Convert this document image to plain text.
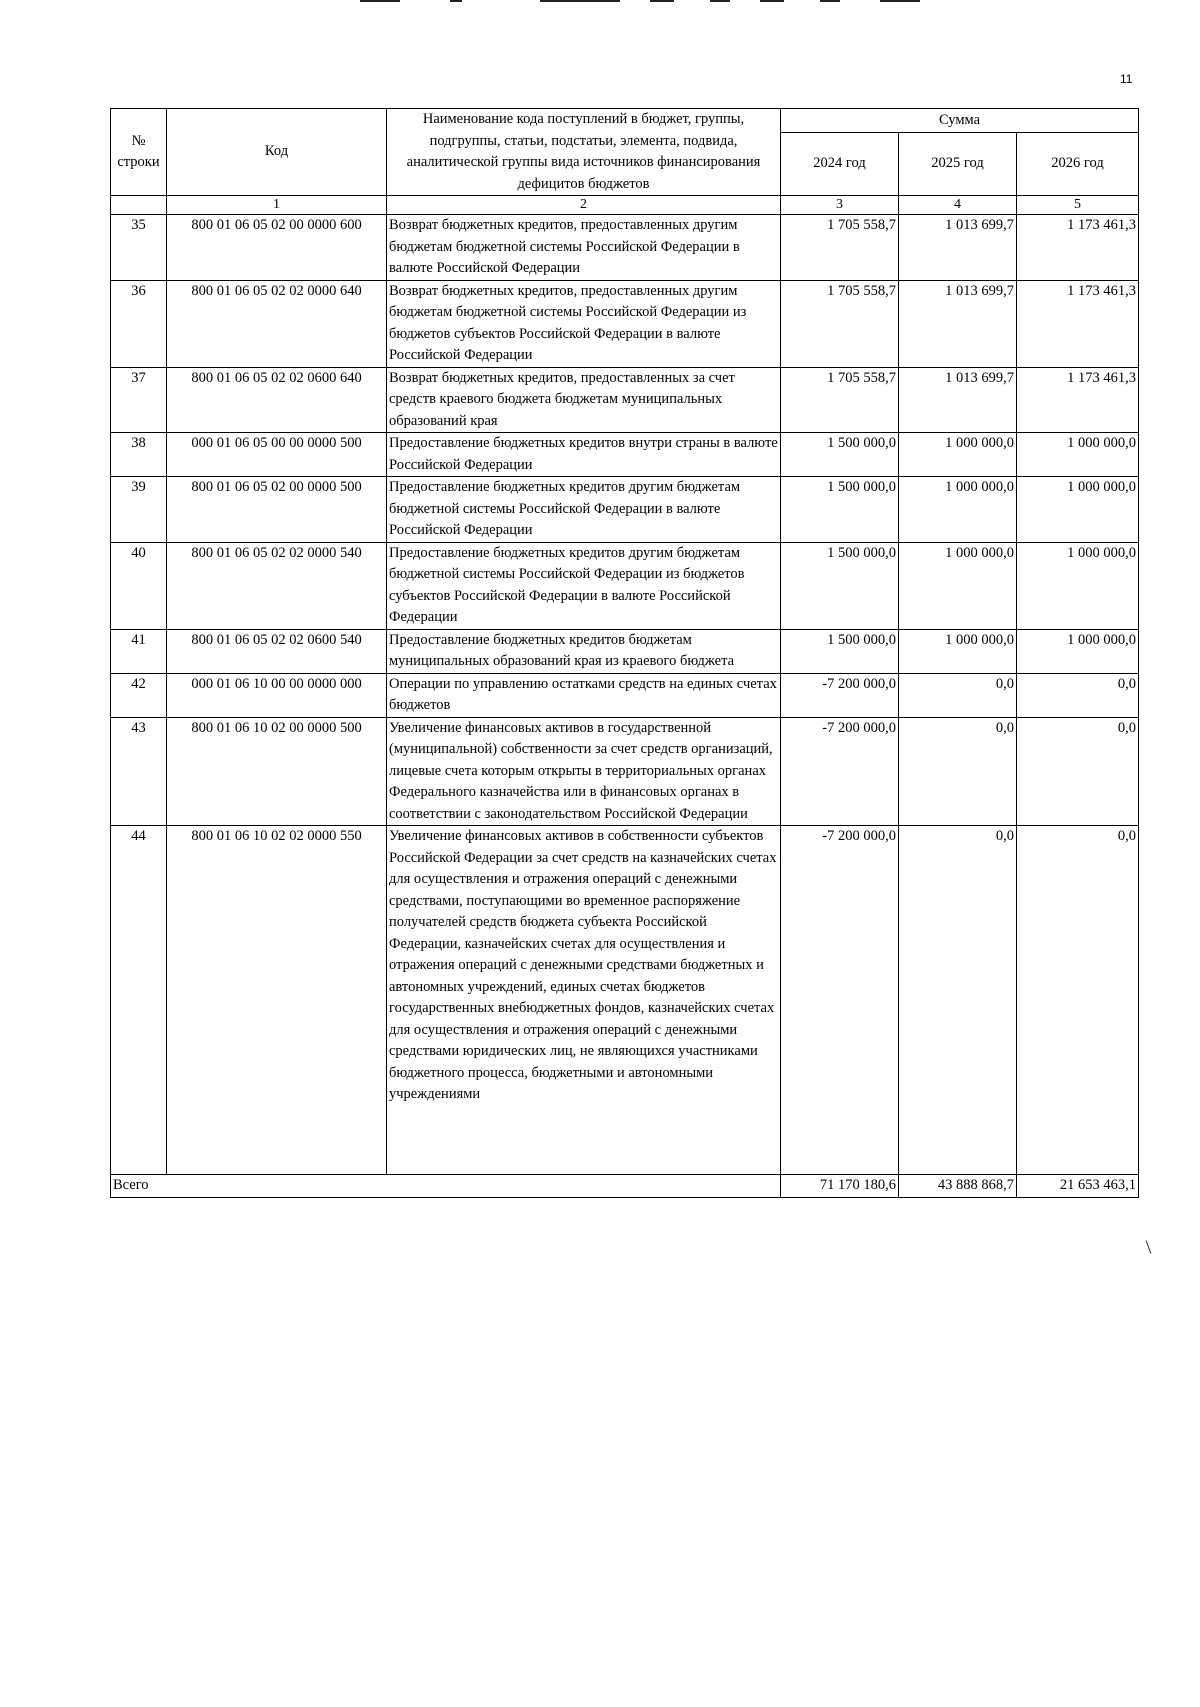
11
№ строки	Код	Наименование кода поступлений в бюджет, группы, подгруппы, статьи, подстатьи, элемента, подвида, аналитической группы вида источников финансирования дефицитов бюджетов	Сумма		
			2024 год	2025 год	2026 год
	1	2	3	4	5
35	800 01 06 05 02 00 0000 600	Возврат бюджетных кредитов, предоставленных другим бюджетам бюджетной системы Российской Федерации в валюте Российской Федерации	1 705 558,7	1 013 699,7	1 173 461,3
36	800 01 06 05 02 02 0000 640	Возврат бюджетных кредитов, предоставленных другим бюджетам бюджетной системы Российской Федерации из бюджетов субъектов Российской Федерации в валюте Российской Федерации	1 705 558,7	1 013 699,7	1 173 461,3
37	800 01 06 05 02 02 0600 640	Возврат бюджетных кредитов, предоставленных за счет средств краевого бюджета бюджетам муниципальных образований края	1 705 558,7	1 013 699,7	1 173 461,3
38	000 01 06 05 00 00 0000 500	Предоставление бюджетных кредитов внутри страны в валюте Российской Федерации	1 500 000,0	1 000 000,0	1 000 000,0
39	800 01 06 05 02 00 0000 500	Предоставление бюджетных кредитов другим бюджетам бюджетной системы Российской Федерации в валюте Российской Федерации	1 500 000,0	1 000 000,0	1 000 000,0
40	800 01 06 05 02 02 0000 540	Предоставление бюджетных кредитов другим бюджетам бюджетной системы Российской Федерации из бюджетов субъектов Российской Федерации в валюте Российской Федерации	1 500 000,0	1 000 000,0	1 000 000,0
41	800 01 06 05 02 02 0600 540	Предоставление бюджетных кредитов бюджетам муниципальных образований края из краевого бюджета	1 500 000,0	1 000 000,0	1 000 000,0
42	000 01 06 10 00 00 0000 000	Операции по управлению остатками средств на единых счетах бюджетов	-7 200 000,0	0,0	0,0
43	800 01 06 10 02 00 0000 500	Увеличение финансовых активов в государственной (муниципальной) собственности за счет средств организаций, лицевые счета которым открыты в территориальных органах Федерального казначейства или в финансовых органах в соответствии с законодательством Российской Федерации	-7 200 000,0	0,0	0,0
44	800 01 06 10 02 02 0000 550	Увеличение финансовых активов в собственности субъектов Российской Федерации за счет средств на казначейских счетах для осуществления и отражения операций с денежными средствами, поступающими во временное распоряжение получателей средств бюджета субъекта Российской Федерации, казначейских счетах для осуществления и отражения операций с денежными средствами бюджетных и автономных учреждений, единых счетах бюджетов государственных внебюджетных фондов, казначейских счетах для осуществления и отражения операций с денежными средствами юридических лиц, не являющихся участниками бюджетного процесса, бюджетными и автономными учреждениями	-7 200 000,0	0,0	0,0
Всего			71 170 180,6	43 888 868,7	21 653 463,1
